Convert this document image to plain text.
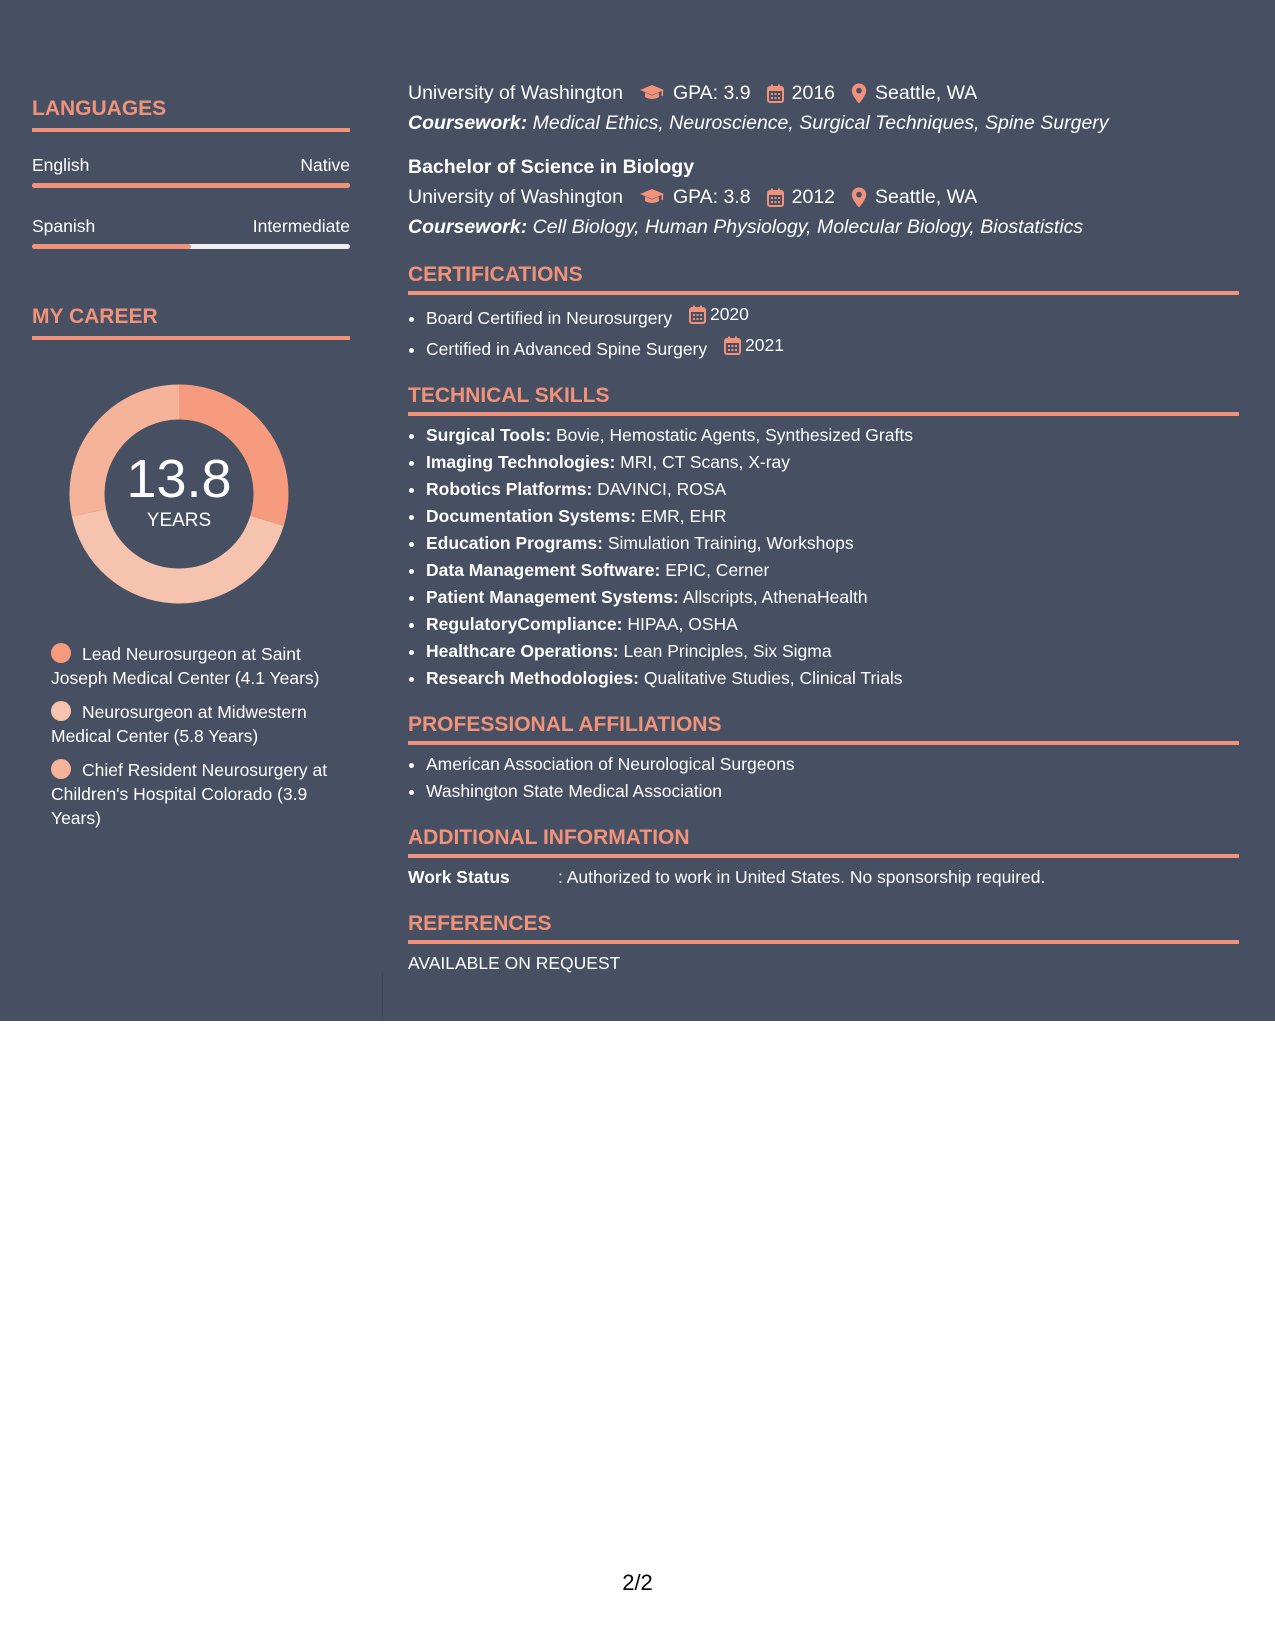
LANGUAGES
English	Native
Spanish	Intermediate
MY CAREER
13.8
YEARS
Lead Neurosurgeon at Saint Joseph Medical Center (4.1 Years)
Neurosurgeon at Midwestern Medical Center (5.8 Years)
Chief Resident Neurosurgery at Children's Hospital Colorado (3.9 Years)
University of Washington	GPA: 3.9 2016 Seattle, WA
Coursework: Medical Ethics, Neuroscience, Surgical Techniques, Spine Surgery
Bachelor of Science in Biology
University of Washington	GPA: 3.8 2012 Seattle, WA
Coursework: Cell Biology, Human Physiology, Molecular Biology, Biostatistics
CERTIFICATIONS
• Board Certified in Neurosurgery 2020
• Certified in Advanced Spine Surgery 2021
TECHNICAL SKILLS
• Surgical Tools: Bovie, Hemostatic Agents, Synthesized Grafts
• Imaging Technologies: MRI, CT Scans, X-ray
• Robotics Platforms: DAVINCI, ROSA
• Documentation Systems: EMR, EHR
• Education Programs: Simulation Training, Workshops
• Data Management Software: EPIC, Cerner
• Patient Management Systems: Allscripts, AthenaHealth
• RegulatoryCompliance: HIPAA, OSHA
• Healthcare Operations: Lean Principles, Six Sigma
• Research Methodologies: Qualitative Studies, Clinical Trials
PROFESSIONAL AFFILIATIONS
• American Association of Neurological Surgeons
• Washington State Medical Association
ADDITIONAL INFORMATION
Work Status	: Authorized to work in United States. No sponsorship required.
REFERENCES
AVAILABLE ON REQUEST
2/2
